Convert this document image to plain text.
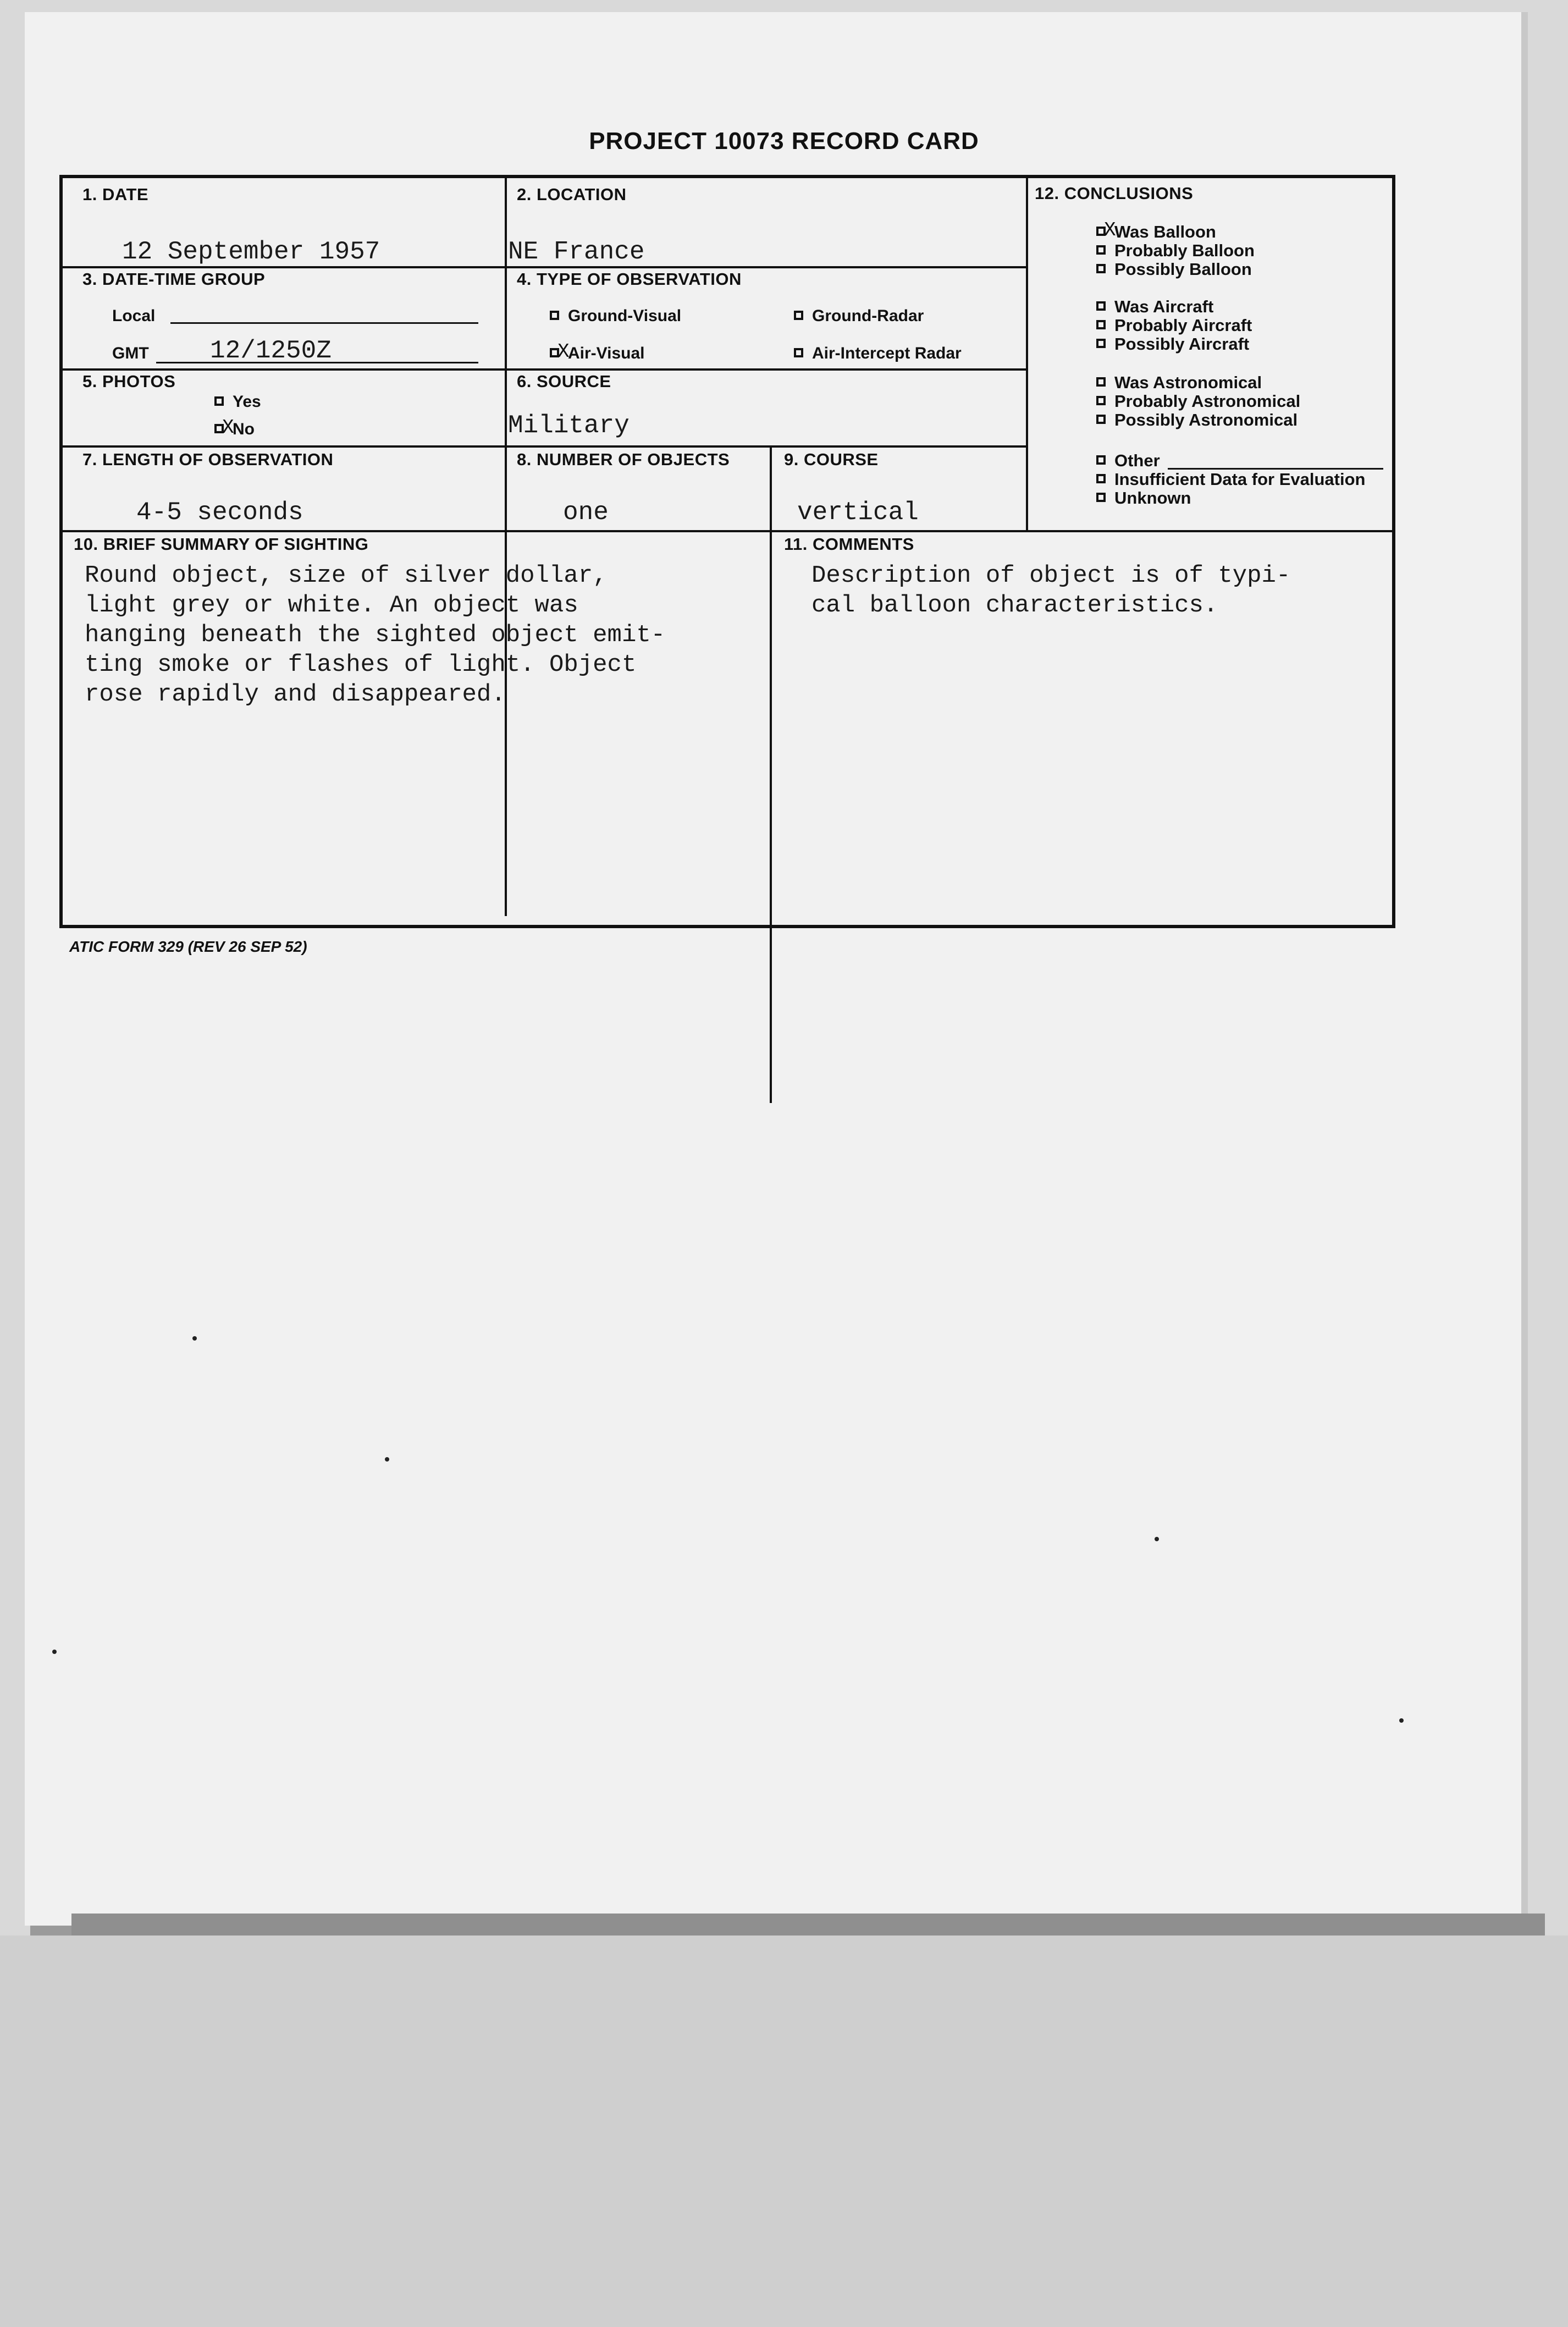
PROJECT 10073 RECORD CARD
1. DATE
12 September 1957
2. LOCATION
NE France
3. DATE-TIME GROUP
Local
GMT 12/1250Z
4. TYPE OF OBSERVATION
Ground-Visual	Ground-Radar
XAir-Visual	Air-Intercept Radar
5. PHOTOS
Yes
XNo
6. SOURCE
Military
7. LENGTH OF OBSERVATION
4-5 seconds
8. NUMBER OF OBJECTS
one
9. COURSE
vertical
10. BRIEF SUMMARY OF SIGHTING
Round object, size of silver dollar,
light grey or white. An object was
hanging beneath the sighted object emit-
ting smoke or flashes of light. Object
rose rapidly and disappeared.
11. COMMENTS
Description of object is of typi-
cal balloon characteristics.
12. CONCLUSIONS
XWas Balloon
Probably Balloon
Possibly Balloon
Was Aircraft
Probably Aircraft
Possibly Aircraft
Was Astronomical
Probably Astronomical
Possibly Astronomical
Other
Insufficient Data for Evaluation
Unknown
ATIC FORM 329 (REV 26 SEP 52)
